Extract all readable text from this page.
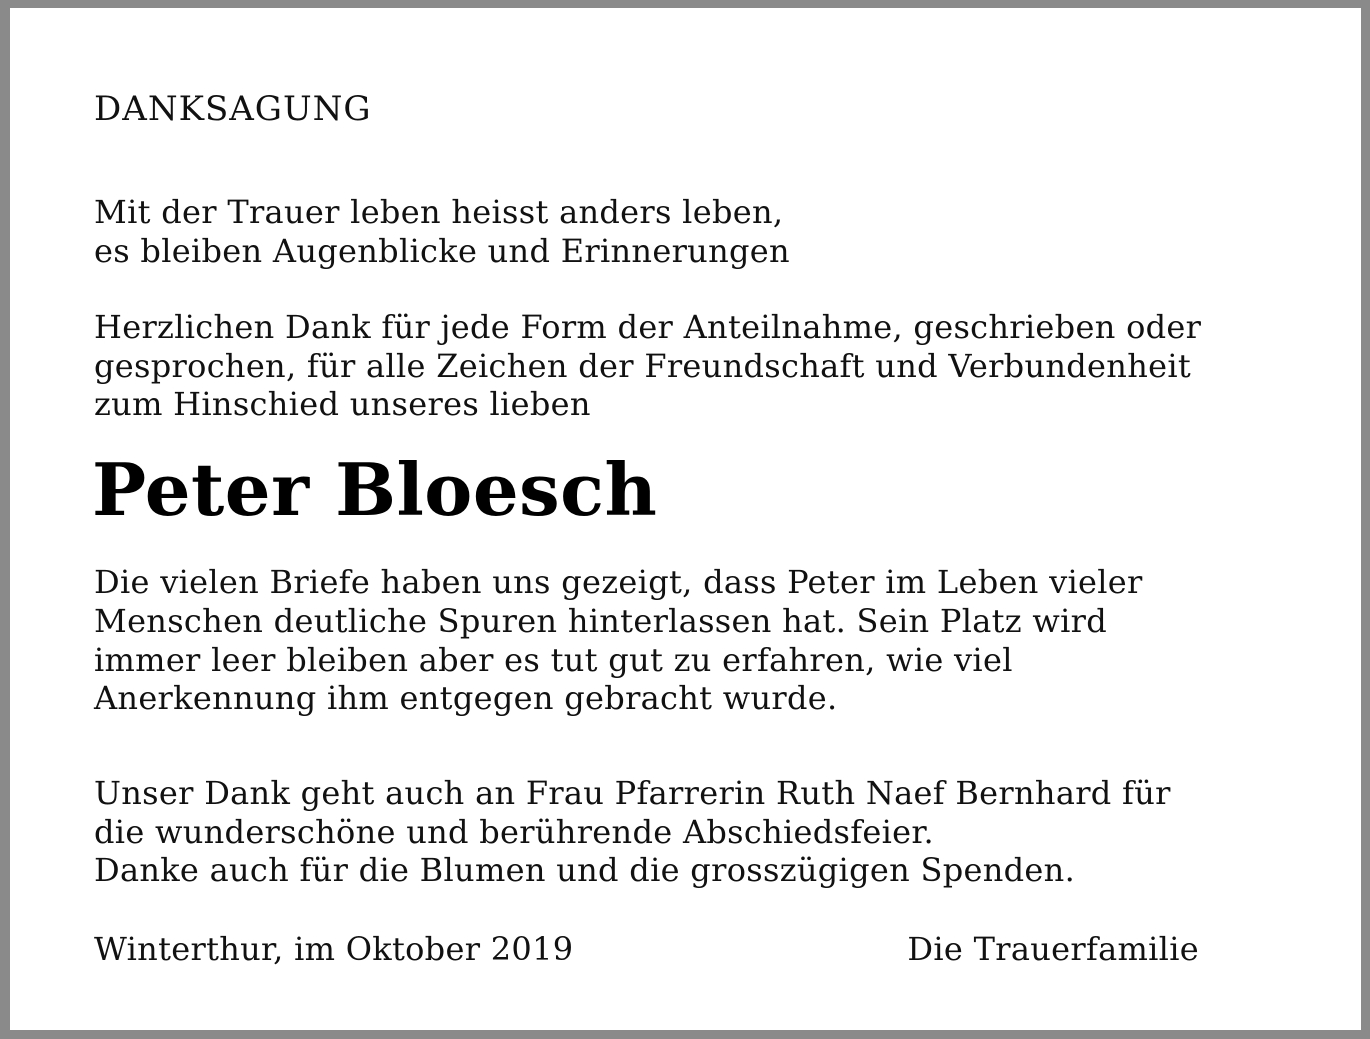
DANKSAGUNG
Mit der Trauer leben heisst anders leben,
es bleiben Augenblicke und Erinnerungen
Herzlichen Dank für jede Form der Anteilnahme, geschrieben oder
gesprochen, für alle Zeichen der Freundschaft und Verbundenheit
zum Hinschied unseres lieben
Peter Bloesch
Die vielen Briefe haben uns gezeigt, dass Peter im Leben vieler
Menschen deutliche Spuren hinterlassen hat. Sein Platz wird
immer leer bleiben aber es tut gut zu erfahren, wie viel
Anerkennung ihm entgegen gebracht wurde.
Unser Dank geht auch an Frau Pfarrerin Ruth Naef Bernhard für
die wunderschöne und berührende Abschiedsfeier.
Danke auch für die Blumen und die grosszügigen Spenden.
Winterthur, im Oktober 2019	Die Trauerfamilie
